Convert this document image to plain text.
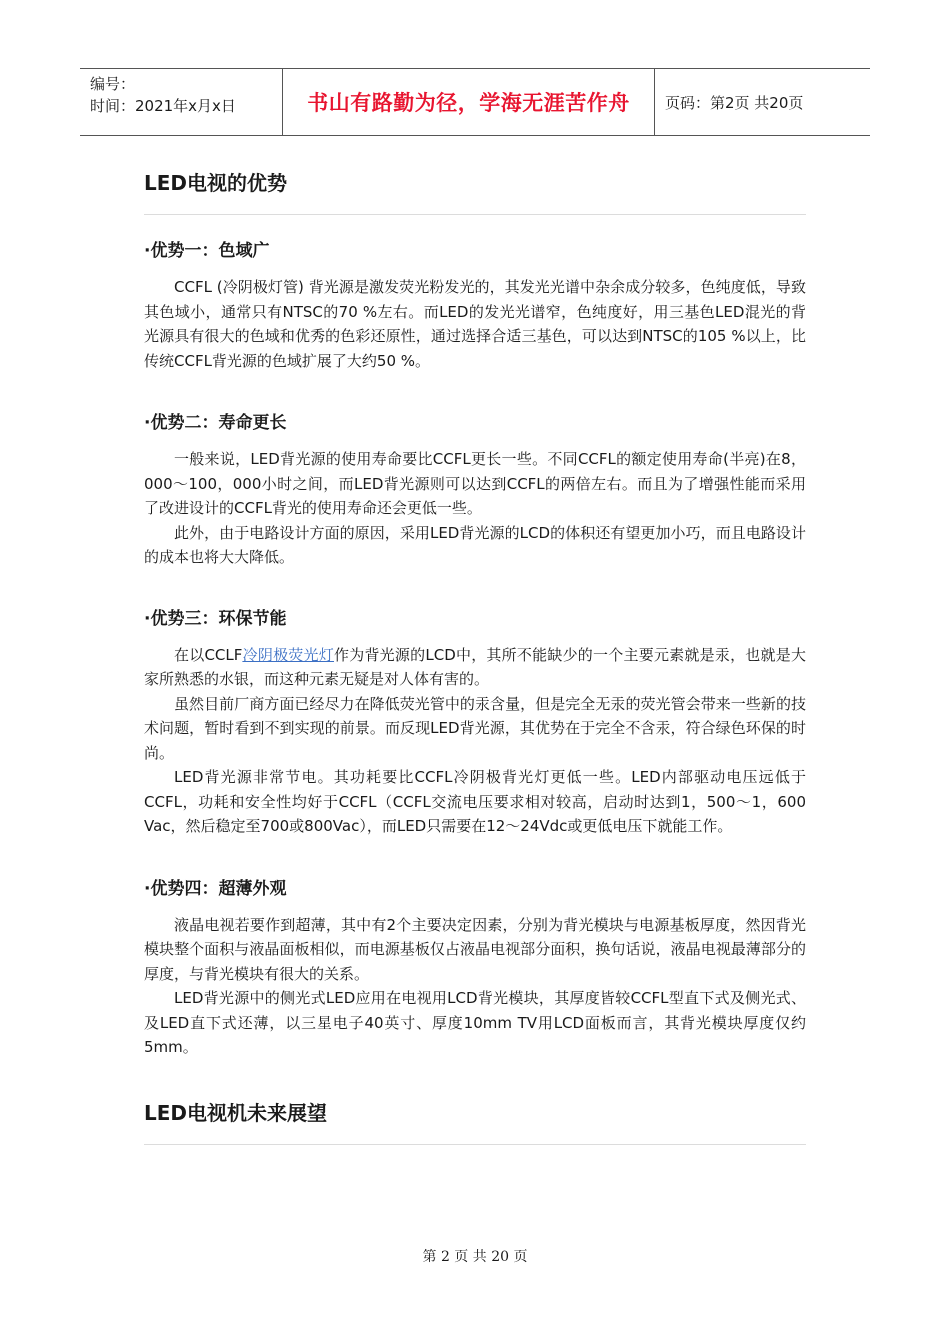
编号：
时间：2021年x月x日	书山有路勤为径，学海无涯苦作舟	页码：第2页 共20页
LED电视的优势
·优势一：色域广

CCFL (冷阴极灯管) 背光源是激发荧光粉发光的，其发光光谱中杂余成分较多，色纯度低，导致其色域小，通常只有NTSC的70 %左右。而LED的发光光谱窄，色纯度好，用三基色LED混光的背光源具有很大的色域和优秀的色彩还原性，通过选择合适三基色，可以达到NTSC的105 %以上，比传统CCFL背光源的色域扩展了大约50 %。

·优势二：寿命更长

一般来说，LED背光源的使用寿命要比CCFL更长一些。不同CCFL的额定使用寿命(半亮)在8，000～100，000小时之间，而LED背光源则可以达到CCFL的两倍左右。而且为了增强性能而采用了改进设计的CCFL背光的使用寿命还会更低一些。

此外，由于电路设计方面的原因，采用LED背光源的LCD的体积还有望更加小巧，而且电路设计的成本也将大大降低。

·优势三：环保节能

在以CCLF冷阴极荧光灯作为背光源的LCD中，其所不能缺少的一个主要元素就是汞，也就是大家所熟悉的水银，而这种元素无疑是对人体有害的。

虽然目前厂商方面已经尽力在降低荧光管中的汞含量，但是完全无汞的荧光管会带来一些新的技术问题，暂时看到不到实现的前景。而反现LED背光源，其优势在于完全不含汞，符合绿色环保的时尚。

LED背光源非常节电。其功耗要比CCFL冷阴极背光灯更低一些。LED内部驱动电压远低于CCFL，功耗和安全性均好于CCFL（CCFL交流电压要求相对较高，启动时达到1，500～1，600 Vac，然后稳定至700或800Vac），而LED只需要在12～24Vdc或更低电压下就能工作。

·优势四：超薄外观

液晶电视若要作到超薄，其中有2个主要决定因素，分别为背光模块与电源基板厚度，然因背光模块整个面积与液晶面板相似，而电源基板仅占液晶电视部分面积，换句话说，液晶电视最薄部分的厚度，与背光模块有很大的关系。

LED背光源中的侧光式LED应用在电视用LCD背光模块，其厚度皆较CCFL型直下式及侧光式、及LED直下式还薄，以三星电子40英寸、厚度10mm TV用LCD面板而言，其背光模块厚度仅约5mm。

LED电视机未来展望
第 2 页 共 20 页
